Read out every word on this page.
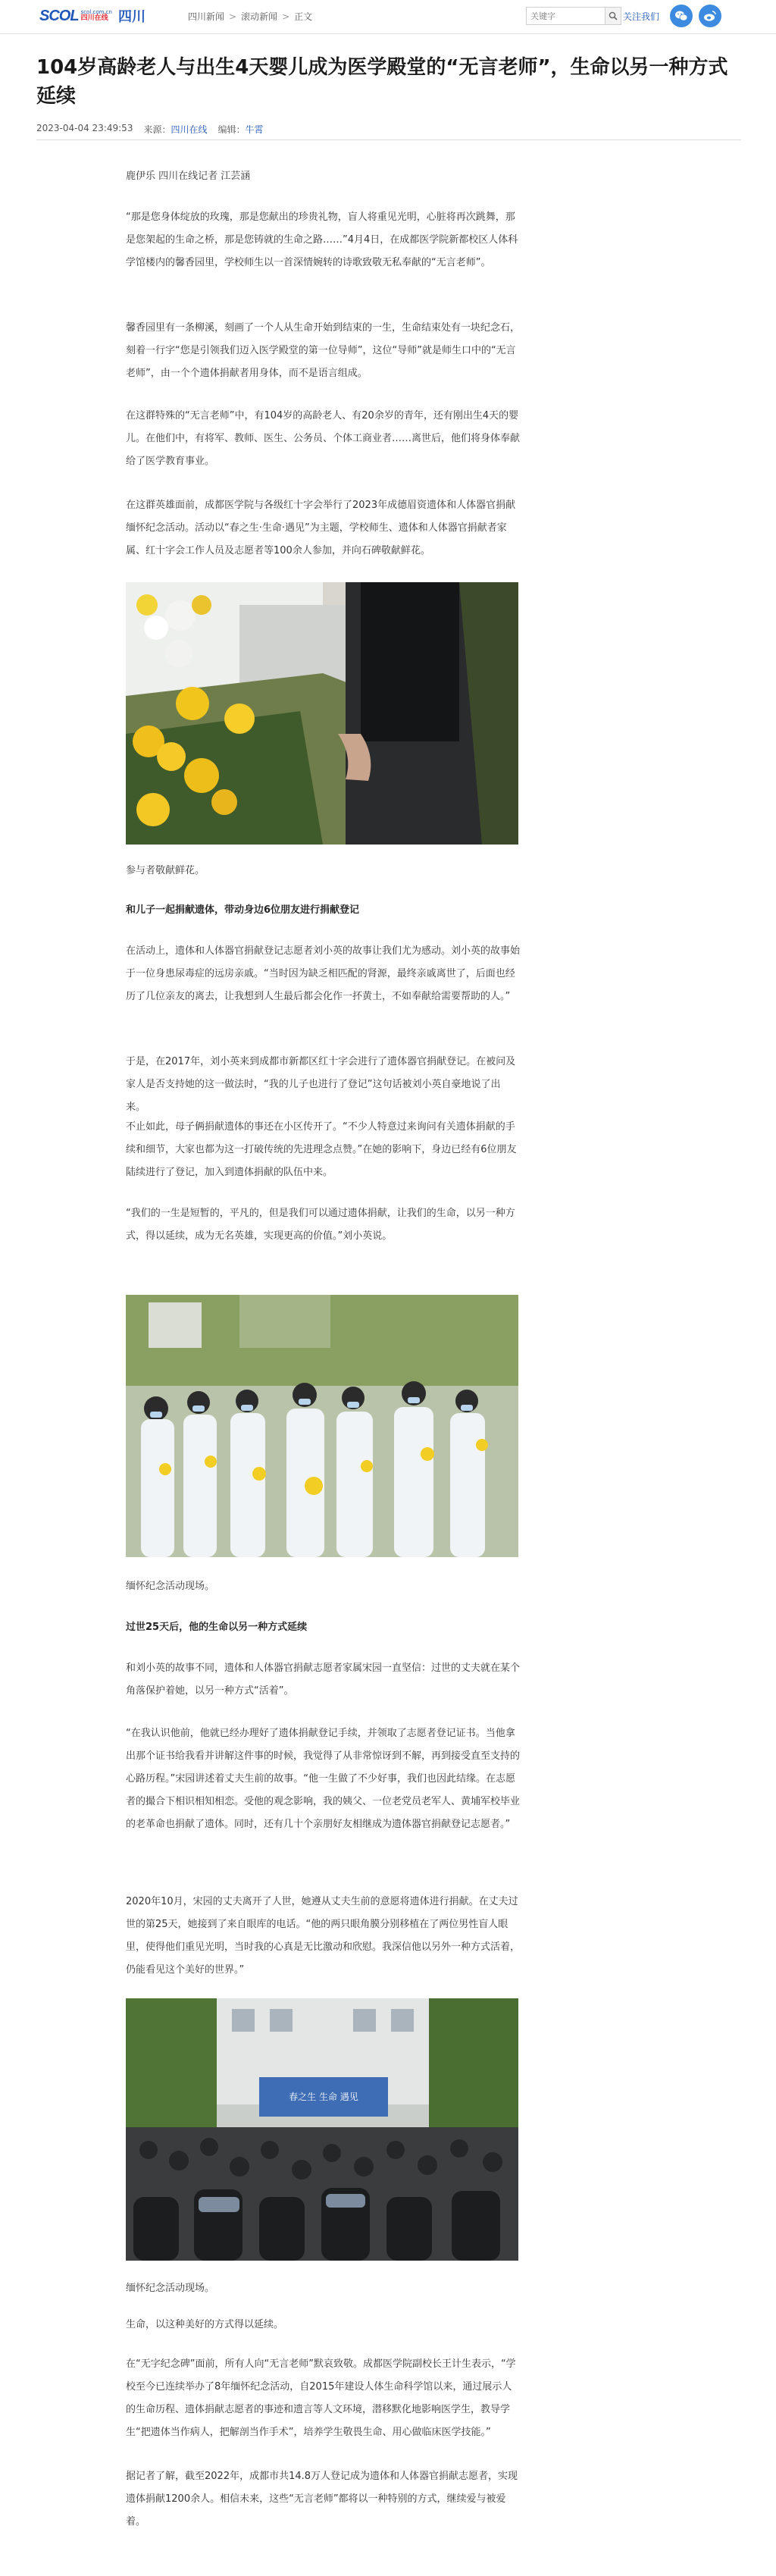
SCOL scol.com.cn
四川在线 四川	四川新闻 > 滚动新闻 > 正文
关键字	关注我们
104岁高龄老人与出生4天婴儿成为医学殿堂的“无言老师”，生命以另一种方式延续
2023-04-04 23:49:53 来源：四川在线 编辑：牛霄

鹿伊乐 四川在线记者 江芸涵

“那是您身体绽放的玫瑰，那是您献出的珍贵礼物，盲人将重见光明，心脏将再次跳舞，那是您架起的生命之桥，那是您铸就的生命之路……”4月4日，在成都医学院新都校区人体科学馆楼内的馨香园里，学校师生以一首深情婉转的诗歌致敬无私奉献的“无言老师”。

馨香园里有一条柳溪，刻画了一个人从生命开始到结束的一生，生命结束处有一块纪念石，刻着一行字“您是引领我们迈入医学殿堂的第一位导师”，这位“导师”就是师生口中的“无言老师”，由一个个遗体捐献者用身体，而不是语言组成。

在这群特殊的“无言老师”中，有104岁的高龄老人、有20余岁的青年，还有刚出生4天的婴儿。在他们中，有将军、教师、医生、公务员、个体工商业者……离世后，他们将身体奉献给了医学教育事业。

在这群英雄面前，成都医学院与各级红十字会举行了2023年成德眉资遗体和人体器官捐献缅怀纪念活动。活动以“春之生·生命·遇见”为主题，学校师生、遗体和人体器官捐献者家属、红十字会工作人员及志愿者等100余人参加，并向石碑敬献鲜花。

参与者敬献鲜花。

和儿子一起捐献遗体，带动身边6位朋友进行捐献登记

在活动上，遗体和人体器官捐献登记志愿者刘小英的故事让我们尤为感动。刘小英的故事始于一位身患尿毒症的远房亲戚。“当时因为缺乏相匹配的肾源，最终亲戚离世了，后面也经历了几位亲友的离去，让我想到人生最后都会化作一抔黄土，不如奉献给需要帮助的人。”

于是，在2017年，刘小英来到成都市新都区红十字会进行了遗体器官捐献登记。在被问及家人是否支持她的这一做法时，“我的儿子也进行了登记”这句话被刘小英自豪地说了出来。

不止如此，母子俩捐献遗体的事还在小区传开了。“不少人特意过来询问有关遗体捐献的手续和细节，大家也都为这一打破传统的先进理念点赞。”在她的影响下，身边已经有6位朋友陆续进行了登记，加入到遗体捐献的队伍中来。

“我们的一生是短暂的，平凡的，但是我们可以通过遗体捐献，让我们的生命，以另一种方式，得以延续，成为无名英雄，实现更高的价值。”刘小英说。

缅怀纪念活动现场。

过世25天后，他的生命以另一种方式延续

和刘小英的故事不同，遗体和人体器官捐献志愿者家属宋园一直坚信：过世的丈夫就在某个角落保护着她，以另一种方式“活着”。

“在我认识他前，他就已经办理好了遗体捐献登记手续，并领取了志愿者登记证书。当他拿出那个证书给我看并讲解这件事的时候，我觉得了从非常惊讶到不解，再到接受直至支持的心路历程。”宋园讲述着丈夫生前的故事。“他一生做了不少好事，我们也因此结缘。在志愿者的撮合下相识相知相恋。受他的观念影响，我的姨父、一位老党员老军人、黄埔军校毕业的老革命也捐献了遗体。同时，还有几十个亲朋好友相继成为遗体器官捐献登记志愿者。”

2020年10月，宋园的丈夫离开了人世，她遵从丈夫生前的意愿将遗体进行捐献。在丈夫过世的第25天，她接到了来自眼库的电话。“他的两只眼角膜分别移植在了两位男性盲人眼里，使得他们重见光明，当时我的心真是无比激动和欣慰。我深信他以另外一种方式活着，仍能看见这个美好的世界。”

春之生 生命 遇见

缅怀纪念活动现场。

生命，以这种美好的方式得以延续。

在“无字纪念碑”面前，所有人向“无言老师”默哀致敬。成都医学院副校长王计生表示，“学校至今已连续举办了8年缅怀纪念活动，自2015年建设人体生命科学馆以来，通过展示人的生命历程、遗体捐献志愿者的事迹和遗言等人文环境，潜移默化地影响医学生，教导学生“把遗体当作病人，把解剖当作手术”，培养学生敬畏生命、用心做临床医学技能。”

据记者了解，截至2022年，成都市共14.8万人登记成为遗体和人体器官捐献志愿者，实现遗体捐献1200余人。相信未来，这些“无言老师”都将以一种特别的方式，继续爱与被爱着。
